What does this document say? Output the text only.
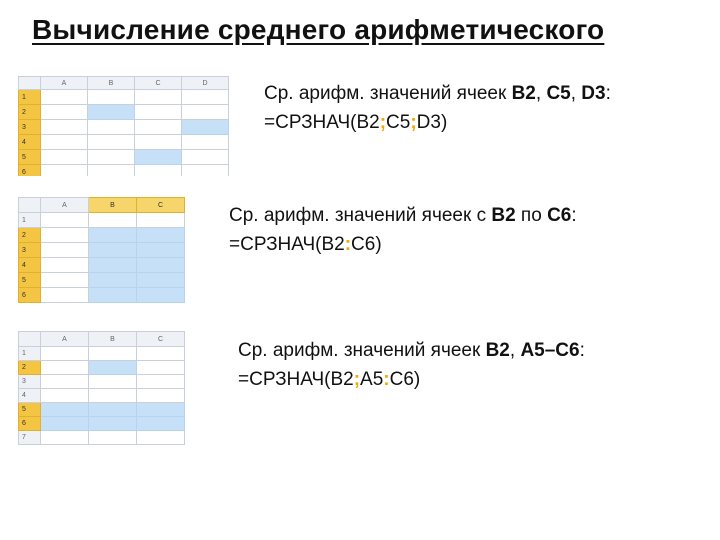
Вычисление среднего арифметического
	A	B	C	D
1				
2				
3				
4				
5				
6				
Ср. арифм. значений ячеек B2, C5, D3:
=СРЗНАЧ(B2;C5;D3)
	A	B	C
1			
2			
3			
4			
5			
6			
Ср. арифм. значений ячеек с B2 по C6:
=СРЗНАЧ(B2:C6)
	A	B	C
1			
2			
3			
4			
5			
6			
7			
Ср. арифм. значений ячеек B2, A5–C6:
=СРЗНАЧ(B2;A5:C6)
